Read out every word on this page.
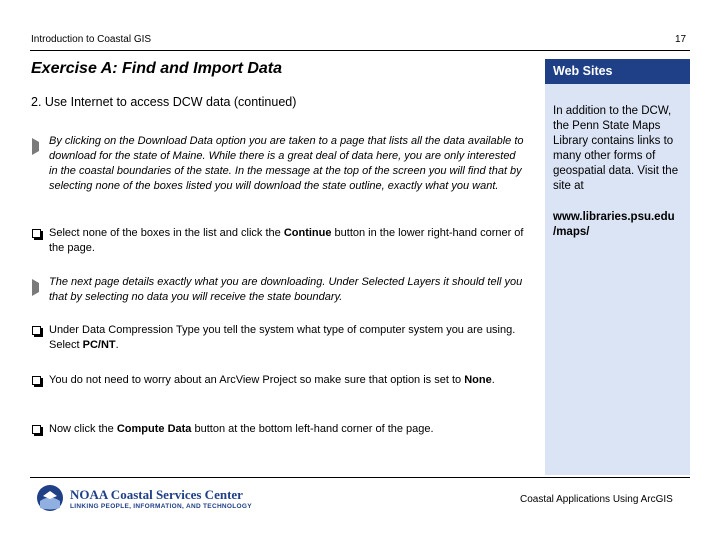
Introduction to Coastal GIS	17
Exercise A: Find and Import Data
2. Use Internet to access DCW data (continued)
By clicking on the Download Data option you are taken to a page that lists all the data available to download for the state of Maine. While there is a great deal of data here, you are only interested in the coastal boundaries of the state. In the message at the top of the screen you will find that by selecting none of the boxes listed you will download the state outline, exactly what you want.
Select none of the boxes in the list and click the Continue button in the lower right-hand corner of the page.
The next page details exactly what you are downloading. Under Selected Layers it should tell you that by selecting no data you will receive the state boundary.
Under Data Compression Type you tell the system what type of computer system you are using. Select PC/NT.
You do not need to worry about an ArcView Project so make sure that option is set to None.
Now click the Compute Data button at the bottom left-hand corner of the page.
Web Sites
In addition to the DCW, the Penn State Maps Library contains links to many other forms of geospatial data. Visit the site at
www.libraries.psu.edu /maps/
NOAA Coastal Services Center
LINKING PEOPLE, INFORMATION, AND TECHNOLOGY
Coastal Applications Using ArcGIS
